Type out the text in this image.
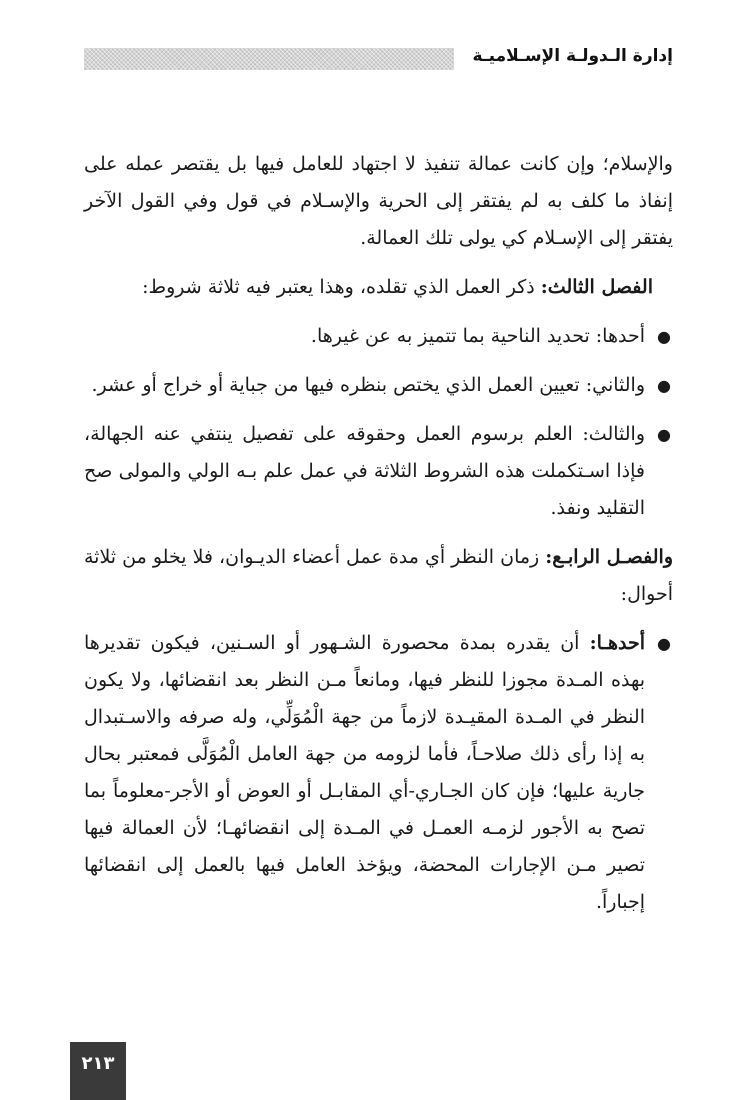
إدارة الـدولـة الإسـلاميـة

والإسلام؛ وإن كانت عمالة تنفيذ لا اجتهاد للعامل فيها بل يقتصر عمله على إنفاذ ما كلف به لم يفتقر إلى الحرية والإسـلام في قول وفي القول الآخر يفتقر إلى الإسـلام كي يولى تلك العمالة.

الفصل الثالث: ذكر العمل الذي تقلده، وهذا يعتبر فيه ثلاثة شروط:

●
أحدها: تحديد الناحية بما تتميز به عن غيرها.
●
والثاني: تعيين العمل الذي يختص بنظره فيها من جباية أو خراج أو عشر.
●
والثالث: العلم برسوم العمل وحقوقه على تفصيل ينتفي عنه الجهالة، فإذا اسـتكملت هذه الشروط الثلاثة في عمل علم بـه الولي والمولى صح التقليد ونفذ.

والفصـل الرابـع: زمان النظر أي مدة عمل أعضاء الديـوان، فلا يخلو من ثلاثة أحوال:

●
أحدهـا: أن يقدره بمدة محصورة الشـهور أو السـنين، فيكون تقديرها بهذه المـدة مجوزا للنظر فيها، ومانعاً مـن النظر بعد انقضائها، ولا يكون النظر في المـدة المقيـدة لازماً من جهة الْمُوَلِّي، وله صرفه والاسـتبدال به إذا رأى ذلك صلاحـاً، فأما لزومه من جهة العامل الْمُوَلَّى فمعتبر بحال جارية عليها؛ فإن كان الجـاري-أي المقابـل أو العوض أو الأجر-معلوماً بما تصح به الأجور لزمـه العمـل في المـدة إلى انقضائهـا؛ لأن العمالة فيها تصير مـن الإجارات المحضة، ويؤخذ العامل فيها بالعمل إلى انقضائها إجباراً.
٢١٣
